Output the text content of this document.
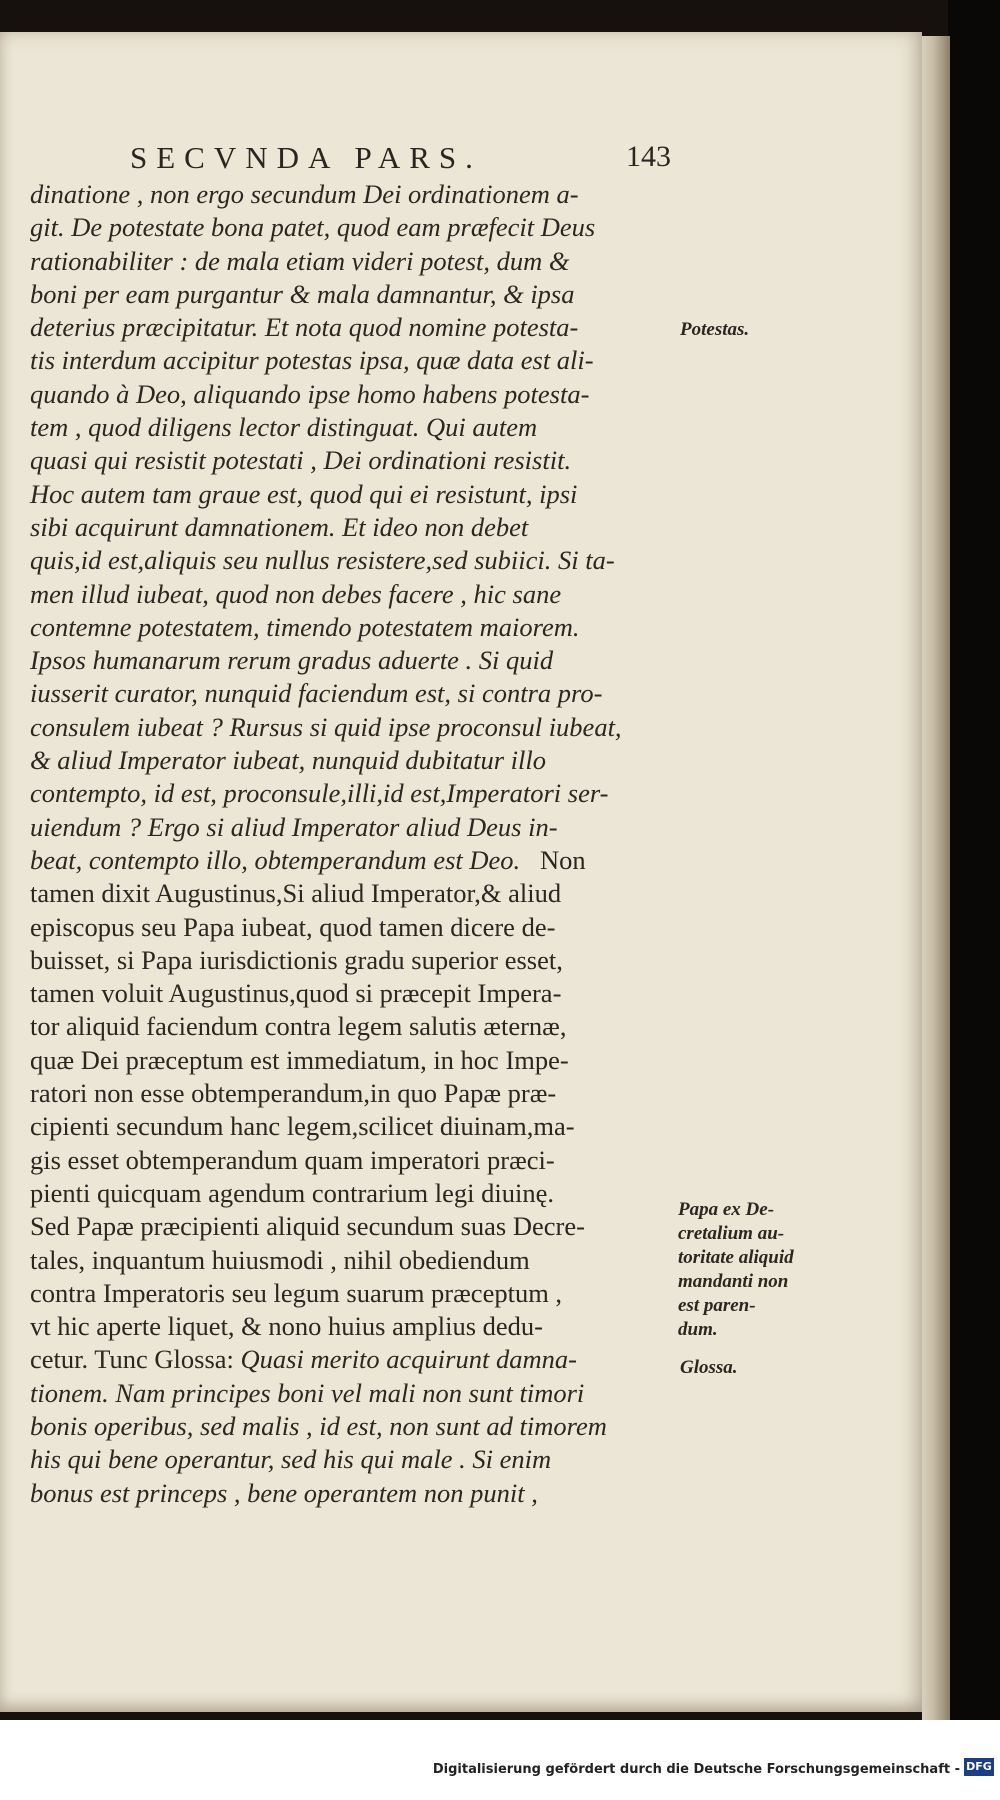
SECVNDA PARS.	143
dinatione , non ergo secundum Dei ordinationem a-
git. De potestate bona patet, quod eam præfecit Deus
rationabiliter : de mala etiam videri potest, dum &
boni per eam purgantur & mala damnantur, & ipsa
deterius præcipitatur. Et nota quod nomine potesta-
tis interdum accipitur potestas ipsa, quæ data est ali-
quando à Deo, aliquando ipse homo habens potesta-
tem , quod diligens lector distinguat. Qui autem
quasi qui resistit potestati , Dei ordinationi resistit.
Hoc autem tam graue est, quod qui ei resistunt, ipsi
sibi acquirunt damnationem. Et ideo non debet
quis,id est,aliquis seu nullus resistere,sed subiici. Si ta-
men illud iubeat, quod non debes facere , hic sane
contemne potestatem, timendo potestatem maiorem.
Ipsos humanarum rerum gradus aduerte . Si quid
iusserit curator, nunquid faciendum est, si contra pro-
consulem iubeat ? Rursus si quid ipse proconsul iubeat,
& aliud Imperator iubeat, nunquid dubitatur illo
contempto, id est, proconsule,illi,id est,Imperatori ser-
uiendum ? Ergo si aliud Imperator aliud Deus in-
beat, contempto illo, obtemperandum est Deo.   Non
tamen dixit Augustinus,Si aliud Imperator,& aliud
episcopus seu Papa iubeat, quod tamen dicere de-
buisset, si Papa iurisdictionis gradu superior esset,
tamen voluit Augustinus,quod si præcepit Impera-
tor aliquid faciendum contra legem salutis æternæ,
quæ Dei præceptum est immediatum, in hoc Impe-
ratori non esse obtemperandum,in quo Papæ præ-
cipienti secundum hanc legem,scilicet diuinam,ma-
gis esset obtemperandum quam imperatori præci-
pienti quicquam agendum contrarium legi diuinę.
Sed Papæ præcipienti aliquid secundum suas Decre-
tales, inquantum huiusmodi , nihil obediendum
contra Imperatoris seu legum suarum præceptum ,
vt hic aperte liquet, & nono huius amplius dedu-
cetur. Tunc Glossa: Quasi merito acquirunt damna-
tionem. Nam principes boni vel mali non sunt timori
bonis operibus, sed malis , id est, non sunt ad timorem
his qui bene operantur, sed his qui male . Si enim
bonus est princeps , bene operantem non punit ,
Potestas.
Papa ex De-
cretalium au-
toritate aliquid
mandanti non
est paren-
dum.
Glossa.
Digitalisierung gefördert durch die Deutsche Forschungsgemeinschaft - DFG
